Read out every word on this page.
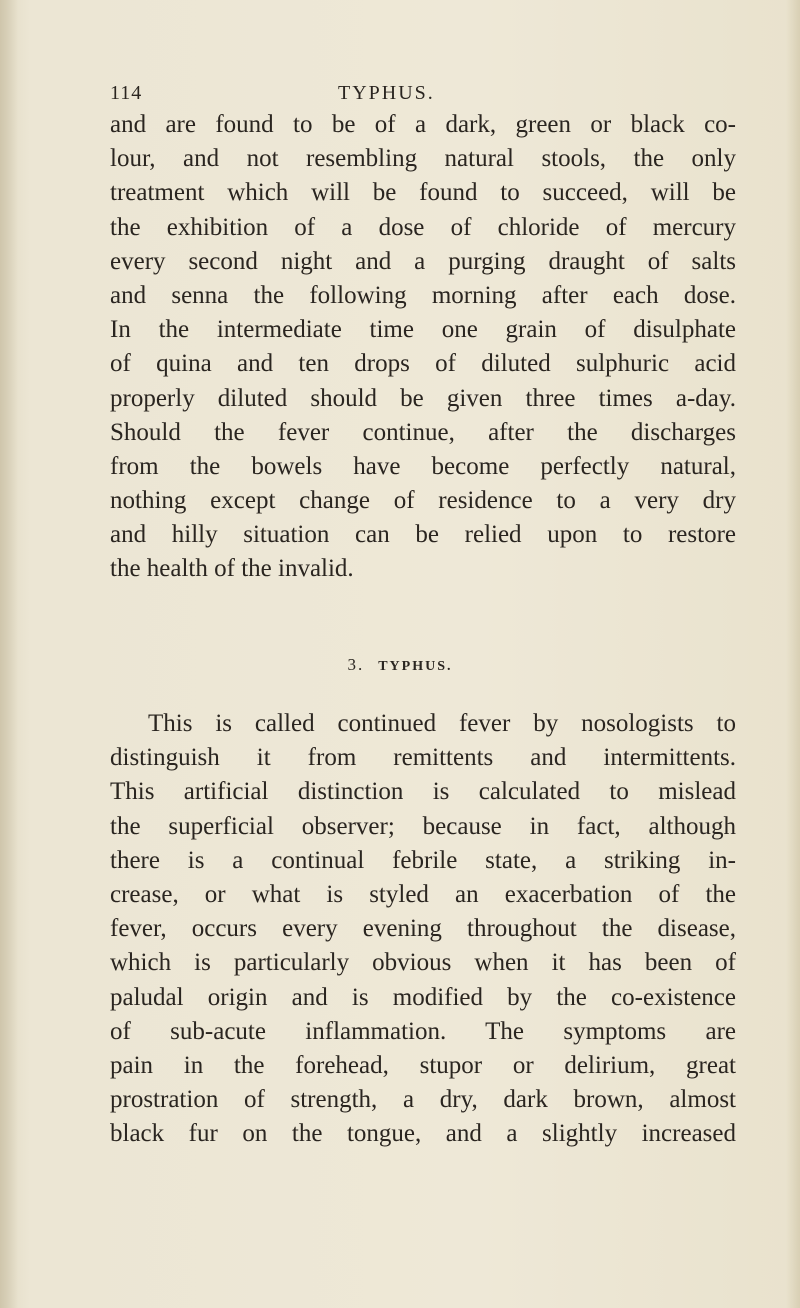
114	TYPHUS.
and are found to be of a dark, green or black co-
lour, and not resembling natural stools, the only
treatment which will be found to succeed, will be
the exhibition of a dose of chloride of mercury
every second night and a purging draught of salts
and senna the following morning after each dose.
In the intermediate time one grain of disulphate
of quina and ten drops of diluted sulphuric acid
properly diluted should be given three times a-day.
Should the fever continue, after the discharges
from the bowels have become perfectly natural,
nothing except change of residence to a very dry
and hilly situation can be relied upon to restore
the health of the invalid.
3. TYPHUS.
This is called continued fever by nosologists to
distinguish it from remittents and intermittents.
This artificial distinction is calculated to mislead
the superficial observer; because in fact, although
there is a continual febrile state, a striking in-
crease, or what is styled an exacerbation of the
fever, occurs every evening throughout the disease,
which is particularly obvious when it has been of
paludal origin and is modified by the co-existence
of sub-acute inflammation. The symptoms are
pain in the forehead, stupor or delirium, great
prostration of strength, a dry, dark brown, almost
black fur on the tongue, and a slightly increased
